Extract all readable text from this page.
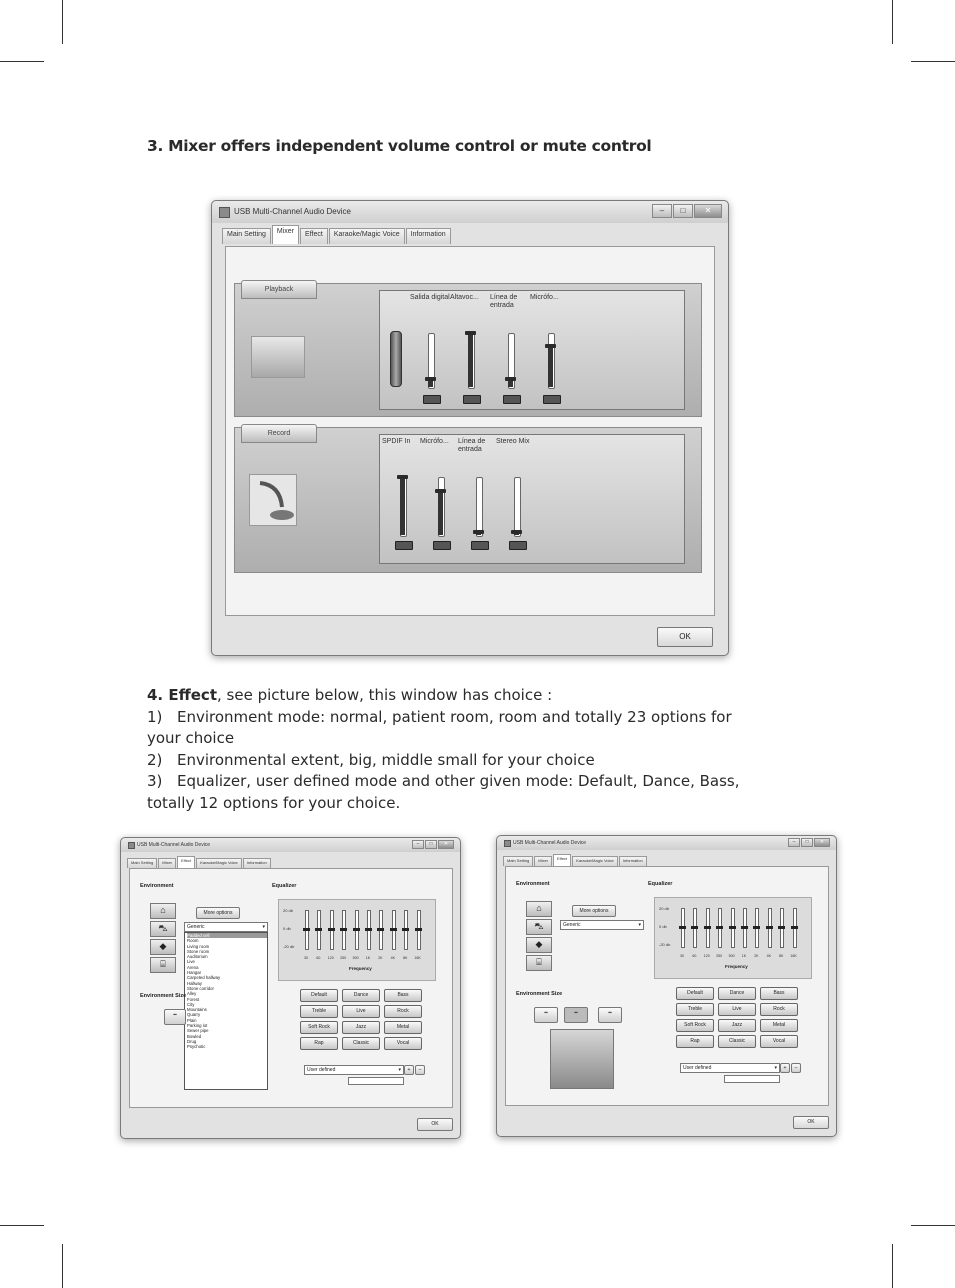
3. Mixer offers independent volume control or mute control
USB Multi-Channel Audio Device	–	□	✕
Main Setting	Mixer	Effect	Karaoke/Magic Voice	Information
Playback
Salida digital Altavoc...	Línea de entrada
Micrófo...
Record
SPDIF In	Micrófo...	Línea de entrada
Stereo Mix
OK

4. Effect, see picture below, this window has choice :

1) Environment mode: normal, patient room, room and totally 23 options for

your choice

2) Environmental extent, big, middle small for your choice

3) Equalizer, user defined mode and other given mode: Default, Dance, Bass,

totally 12 options for your choice.

USB Multi-Channel Audio Device	–	□	✕
Main Setting	Mixer	Effect	Karaoke/Magic Voice	Information
Environment
⌂
⛍
◆
⌸
More options
Generic	▾
Padded cell
Room
Living room
Stone room
Auditorium
Live
Arena
Hangar
Carpeted hallway
Hallway
Stone corridor
Alley
Forest
City
Mountains
Quarry
Plain
Parking lot
Sewer pipe
Bowled
Drug
Psychotic
Environment Size
▪▪
Equalizer
20 db
0 db
-20 db
30	60	120	250	500	1K	2K	4K	8K	16K
Frequency
Default	Dance	Bass
Treble	Live	Rock
Soft Rock	Jazz	Metal
Rap	Classic	Vocal
User defined	▾	+	–
OK
USB Multi-Channel Audio Device	–	□	✕
Main Setting	Mixer	Effect	Karaoke/Magic Voice	Information
Environment
⌂
⛍
◆
⌸
More options
Generic	▾
Environment Size
▪▪	▪▪	▪▪
Equalizer
20 db
0 db
-20 db
30	60	120	250	500	1K	2K	4K	8K	16K
Frequency
Default	Dance	Bass
Treble	Live	Rock
Soft Rock	Jazz	Metal
Rap	Classic	Vocal
User defined	▾	+	–
OK
